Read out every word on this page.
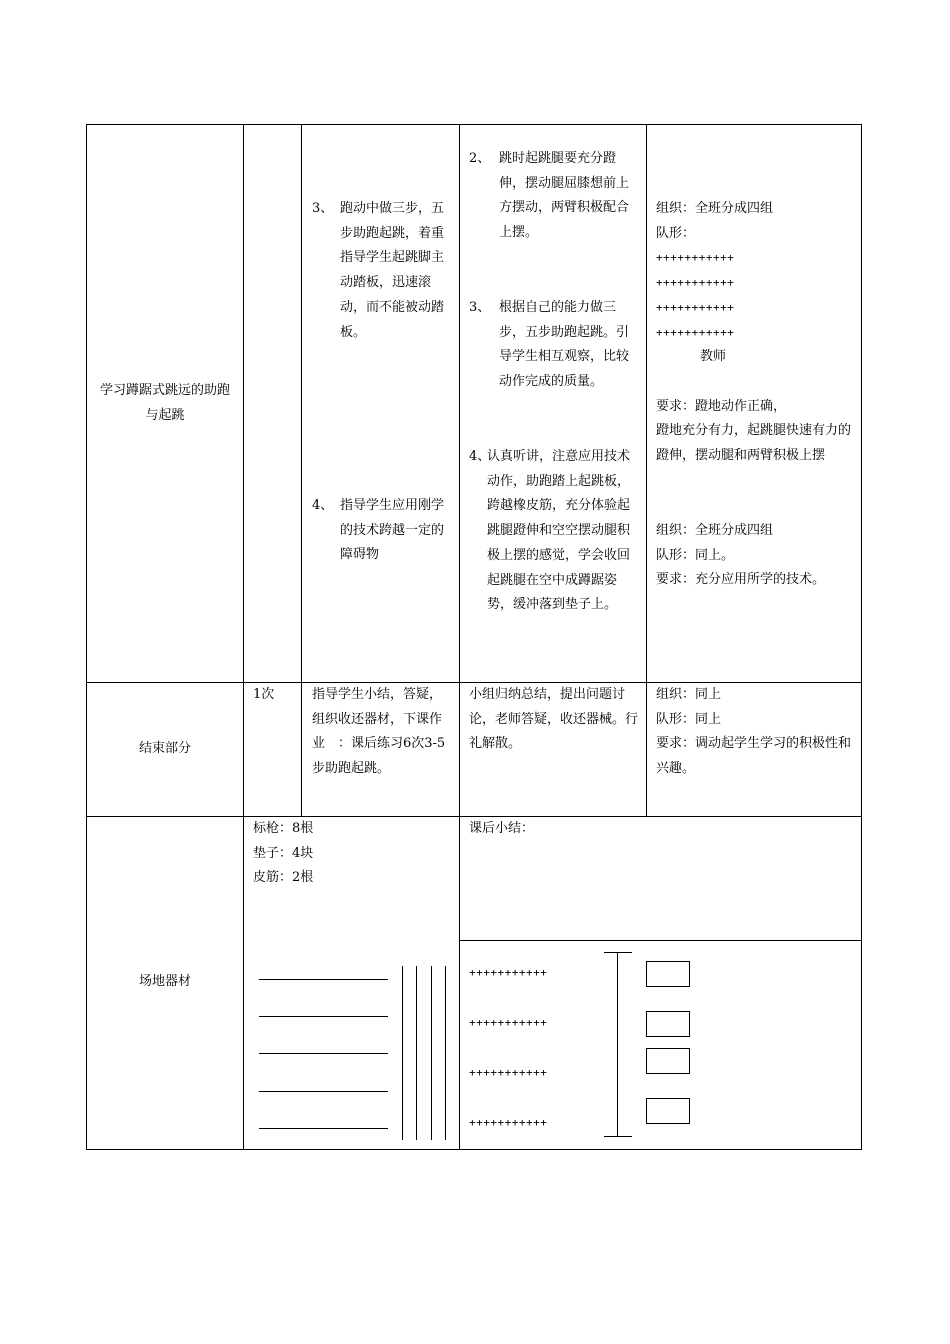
学习蹲踞式跳远的助跑与起跳
3、 跑动中做三步，五步助跑起跳，着重指导学生起跳脚主动踏板，迅速滚动，而不能被动踏板。
4、 指导学生应用刚学的技术跨越一定的障碍物
2、 跳时起跳腿要充分蹬伸，摆动腿屈膝想前上方摆动，两臂积极配合上摆。
3、 根据自己的能力做三步，五步助跑起跳。引导学生相互观察，比较动作完成的质量。
4、
认真听讲，注意应用技术动作，助跑踏上起跳板，跨越橡皮筋，充分体验起跳腿蹬伸和空空摆动腿积极上摆的感觉，学会收回起跳腿在空中成蹲踞姿势，缓冲落到垫子上。

组织：全班分成四组

队形：

+++++++++++

+++++++++++

+++++++++++

+++++++++++

教师

要求：蹬地动作正确，

蹬地充分有力，起跳腿快速有力的蹬伸，摆动腿和两臂积极上摆

组织：全班分成四组

队形：同上。

要求：充分应用所学的技术。

结束部分
1次	指导学生小结，答疑，组织收还器材，下课作业　：课后练习6次3-5步助跑起跳。
小组归纳总结，提出问题讨论，老师答疑，收还器械。行礼解散。

组织：同上

队形：同上

要求：调动起学生学习的积极性和兴趣。

场地器材

标枪：8根

垫子：4块

皮筋：2根

课后小结：
+++++++++++
+++++++++++
+++++++++++
+++++++++++
